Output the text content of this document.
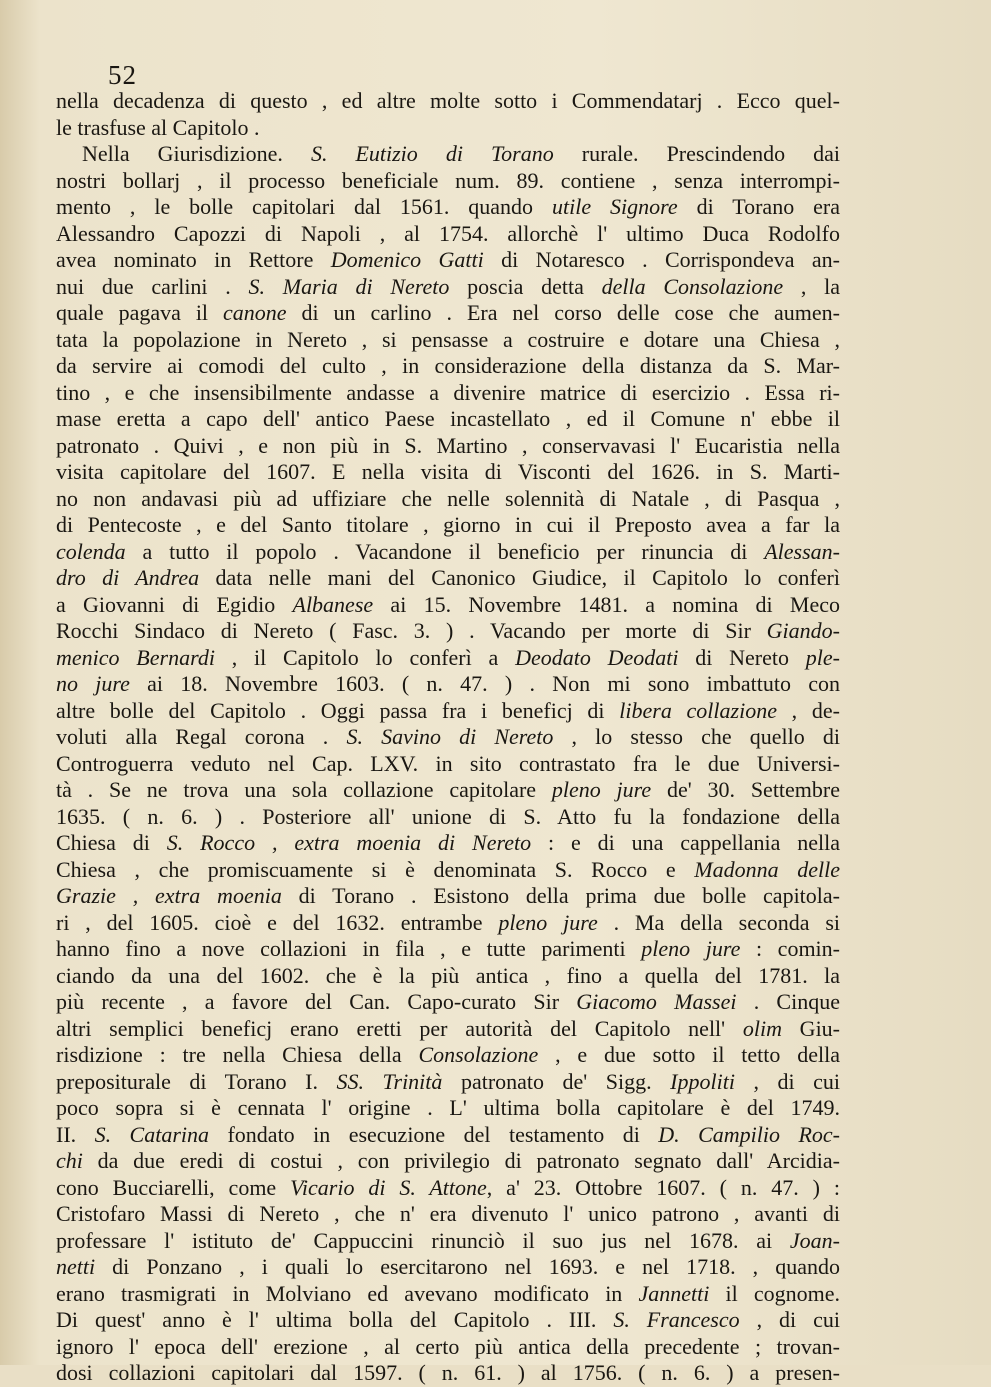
52
nella decadenza di questo , ed altre molte sotto i Commendatarj . Ecco quel-
le trasfuse al Capitolo .
Nella Giurisdizione. S. Eutizio di Torano rurale. Prescindendo dai
nostri bollarj , il processo beneficiale num. 89. contiene , senza interrompi-
mento , le bolle capitolari dal 1561. quando utile Signore di Torano era
Alessandro Capozzi di Napoli , al 1754. allorchè l' ultimo Duca Rodolfo
avea nominato in Rettore Domenico Gatti di Notaresco . Corrispondeva an-
nui due carlini . S. Maria di Nereto poscia detta della Consolazione , la
quale pagava il canone di un carlino . Era nel corso delle cose che aumen-
tata la popolazione in Nereto , si pensasse a costruire e dotare una Chiesa ,
da servire ai comodi del culto , in considerazione della distanza da S. Mar-
tino , e che insensibilmente andasse a divenire matrice di esercizio . Essa ri-
mase eretta a capo dell' antico Paese incastellato , ed il Comune n' ebbe il
patronato . Quivi , e non più in S. Martino , conservavasi l' Eucaristia nella
visita capitolare del 1607. E nella visita di Visconti del 1626. in S. Marti-
no non andavasi più ad uffiziare che nelle solennità di Natale , di Pasqua ,
di Pentecoste , e del Santo titolare , giorno in cui il Preposto avea a far la
colenda a tutto il popolo . Vacandone il beneficio per rinuncia di Alessan-
dro di Andrea data nelle mani del Canonico Giudice, il Capitolo lo conferì
a Giovanni di Egidio Albanese ai 15. Novembre 1481. a nomina di Meco
Rocchi Sindaco di Nereto ( Fasc. 3. ) . Vacando per morte di Sir Giando-
menico Bernardi , il Capitolo lo conferì a Deodato Deodati di Nereto ple-
no jure ai 18. Novembre 1603. ( n. 47. ) . Non mi sono imbattuto con
altre bolle del Capitolo . Oggi passa fra i beneficj di libera collazione , de-
voluti alla Regal corona . S. Savino di Nereto , lo stesso che quello di
Controguerra veduto nel Cap. LXV. in sito contrastato fra le due Universi-
tà . Se ne trova una sola collazione capitolare pleno jure de' 30. Settembre
1635. ( n. 6. ) . Posteriore all' unione di S. Atto fu la fondazione della
Chiesa di S. Rocco , extra moenia di Nereto : e di una cappellania nella
Chiesa , che promiscuamente si è denominata S. Rocco e Madonna delle
Grazie , extra moenia di Torano . Esistono della prima due bolle capitola-
ri , del 1605. cioè e del 1632. entrambe pleno jure . Ma della seconda si
hanno fino a nove collazioni in fila , e tutte parimenti pleno jure : comin-
ciando da una del 1602. che è la più antica , fino a quella del 1781. la
più recente , a favore del Can. Capo-curato Sir Giacomo Massei . Cinque
altri semplici beneficj erano eretti per autorità del Capitolo nell' olim Giu-
risdizione : tre nella Chiesa della Consolazione , e due sotto il tetto della
prepositurale di Torano I. SS. Trinità patronato de' Sigg. Ippoliti , di cui
poco sopra si è cennata l' origine . L' ultima bolla capitolare è del 1749.
II. S. Catarina fondato in esecuzione del testamento di D. Campilio Roc-
chi da due eredi di costui , con privilegio di patronato segnato dall' Arcidia-
cono Bucciarelli, come Vicario di S. Attone, a' 23. Ottobre 1607. ( n. 47. ) :
Cristofaro Massi di Nereto , che n' era divenuto l' unico patrono , avanti di
professare l' istituto de' Cappuccini rinunciò il suo jus nel 1678. ai Joan-
netti di Ponzano , i quali lo esercitarono nel 1693. e nel 1718. , quando
erano trasmigrati in Molviano ed avevano modificato in Jannetti il cognome.
Di quest' anno è l' ultima bolla del Capitolo . III. S. Francesco , di cui
ignoro l' epoca dell' erezione , al certo più antica della precedente ; trovan-
dosi collazioni capitolari dal 1597. ( n. 61. ) al 1756. ( n. 6. ) a presen-
